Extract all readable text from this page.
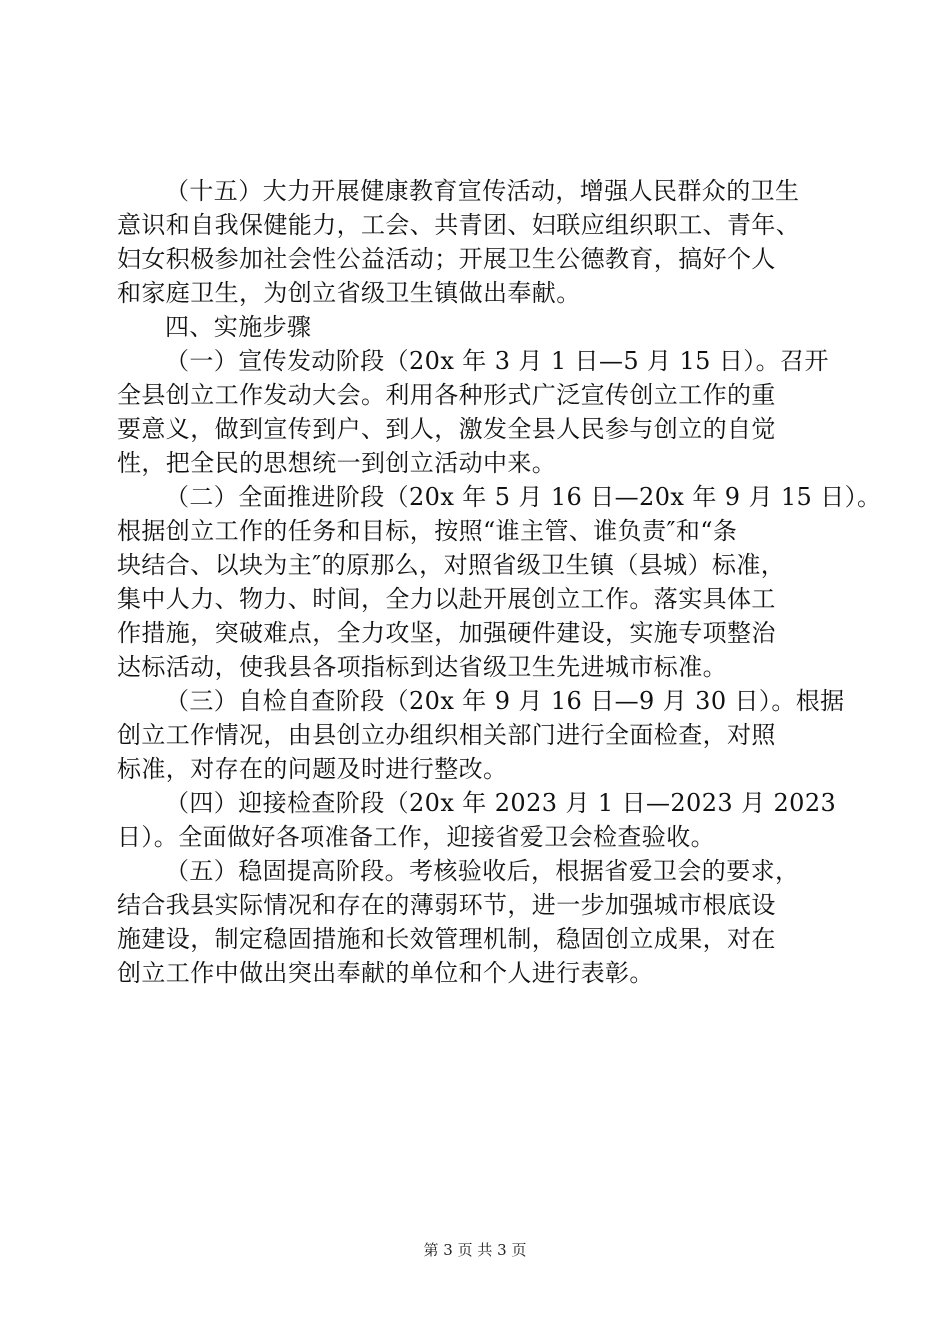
（十五）大力开展健康教育宣传活动，增强人民群众的卫生
意识和自我保健能力，工会、共青团、妇联应组织职工、青年、
妇女积极参加社会性公益活动；开展卫生公德教育，搞好个人
和家庭卫生，为创立省级卫生镇做出奉献。
四、实施步骤
（一）宣传发动阶段（20x 年 3 月 1 日—5 月 15 日）。召开
全县创立工作发动大会。利用各种形式广泛宣传创立工作的重
要意义，做到宣传到户、到人，激发全县人民参与创立的自觉
性，把全民的思想统一到创立活动中来。
（二）全面推进阶段（20x 年 5 月 16 日—20x 年 9 月 15 日）。
根据创立工作的任务和目标，按照“谁主管、谁负责″和“条
块结合、以块为主″的原那么，对照省级卫生镇（县城）标准，
集中人力、物力、时间，全力以赴开展创立工作。落实具体工
作措施，突破难点，全力攻坚，加强硬件建设，实施专项整治
达标活动，使我县各项指标到达省级卫生先进城市标准。
（三）自检自查阶段（20x 年 9 月 16 日—9 月 30 日）。根据
创立工作情况，由县创立办组织相关部门进行全面检查，对照
标准，对存在的问题及时进行整改。
（四）迎接检查阶段（20x 年 2023 月 1 日—2023 月 2023
日）。全面做好各项准备工作，迎接省爱卫会检查验收。
（五）稳固提高阶段。考核验收后，根据省爱卫会的要求，
结合我县实际情况和存在的薄弱环节，进一步加强城市根底设
施建设，制定稳固措施和长效管理机制，稳固创立成果，对在
创立工作中做出突出奉献的单位和个人进行表彰。
第 3 页 共 3 页
